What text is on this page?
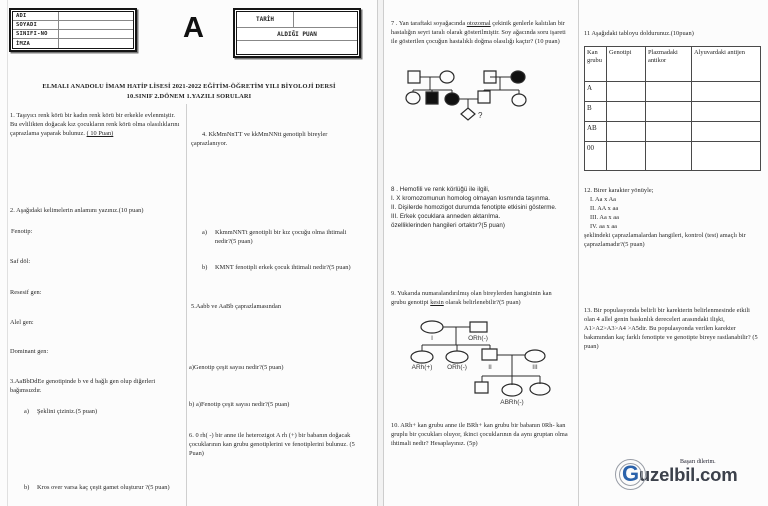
ADI
SOYADI
SINIFI-NO
İMZA	A	TARİH
ALDIĞI PUAN
ELMALI ANADOLU İMAM HATİP LİSESİ 2021-2022 EĞİTİM-ÖĞRETİM YILI BİYOLOJİ DERSİ
10.SINIF 2.DÖNEM 1.YAZILI SORULARI
1. Taşıyıcı renk körü bir kadın renk körü bir erkekle evlenmiştir. Bu evlilikten doğacak kız çocukların renk körü olma olasılıklarını çaprazlama yaparak bulunuz. ( 10 Puan)
2. Aşağıdaki kelimelerin anlamını yazınız.(10 puan)
Fenotip:
Saf döl:
Resesif gen:
Alel gen:
Dominant gen:
3.AaBbDdEe genotipinde b ve d bağlı gen olup diğerleri bağımsızdır.
a)	Şeklini çiziniz.(5 puan)
b)	Kros over varsa kaç çeşit gamet oluşturur ?(5 puan)
4. KkMmNnTT ve kkMmNNtt genotipli bireyler çaprazlanıyor.
a)	KkmmNNTt genotipli bir kız çocuğu olma ihtimali nedir?(5 puan)
b)	KMNT fenotipli erkek çocuk ihtimali nedir?(5 puan)
5.Aabb ve AaBb çaprazlamasından
a)Genotip çeşit sayısı nedir?(5 puan)
b) a)Fenotip çeşit sayısı nedir?(5 puan)
6. 0 rh( -) bir anne ile heterozigot A rh (+) bir babanın doğacak çocuklarının kan grubu genotiplerini ve fenotiplerini bulunuz. (5 Puan)
7 . Yan taraftaki soyağacında otozomal çekinik genlerle kalıtılan bir hastalığın seyri taralı olarak gösterilmiştir. Soy ağacında soru işareti ile gösterilen çocuğun hastalıklı doğma olasılığı kaçtır? (10 puan)
?
8 . Hemofili ve renk körlüğü ile ilgili,
I. X kromozomunun homolog olmayan kısmında taşınma.
II. Dişilerde homozigot durumda fenotipte etkisini gösterme.
III. Erkek çocuklara anneden aktarılma.
özelliklerinden hangileri ortaktır?(5 puan)
9. Yukarıda numaralandırılmış olan bireylerden hangisinin kan grubu genotipi kesin olarak belirlenebilir?(5 puan)
I	ORh(-)
ARh(+) ORh(-)	II	III
ABRh(-)
10. ARh+ kan grubu anne ile BRh+ kan grubu bir babanın 0Rh- kan gruplu bir çocukları oluyor, ikinci çocuklarının da aynı gruptan olma ihtimali nedir? Hesaplayınız. (5p)
11 Aşağıdaki tabloyu doldurunuz.(10puan)
Kan grubu	Genotipi	Plazmadaki antikor	Alyuvardaki antijen
A			
B			
AB			
00			
12. Birer karakter yönüyle;
I. Aa x Aa
II. AA x aa
III. Aa x aa
IV. aa x aa
şeklindeki çaprazlamalardan hangileri, kontrol (test) amaçlı bir çaprazlamadır?(5 puan)
13. Bir populasyonda belirli bir karekterin belirlenmesinde etkili olan 4 allel genin baskınlık dereceleri arasındaki ilişki, A1>A2>A3>A4 >A5dir. Bu populasyonda verilen karekter bakımından kaç farklı fenotipte ve genotipte bireye rastlanabilir? (5 puan)
Başarı dilerim.
Guzelbil.com
